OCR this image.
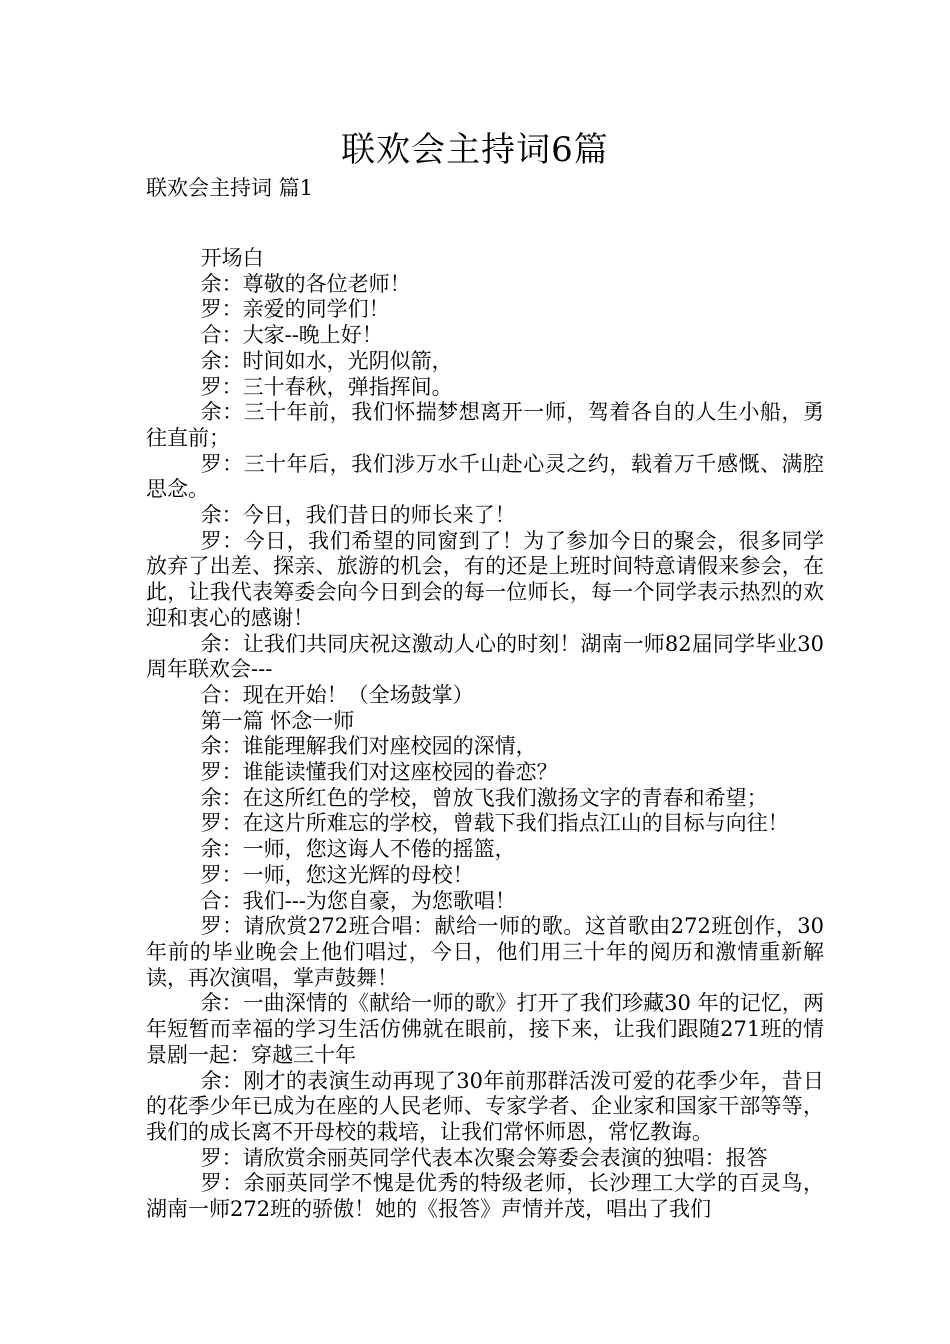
联欢会主持词6篇
联欢会主持词 篇1

开场白

余：尊敬的各位老师！

罗：亲爱的同学们！

合：大家--晚上好！

余：时间如水，光阴似箭，

罗：三十春秋，弹指挥间。

余：三十年前，我们怀揣梦想离开一师，驾着各自的人生小船，勇往直前；

罗：三十年后，我们涉万水千山赴心灵之约，载着万千感慨、满腔思念。

余：今日，我们昔日的师长来了！

罗：今日，我们希望的同窗到了！为了参加今日的聚会，很多同学放弃了出差、探亲、旅游的机会，有的还是上班时间特意请假来参会，在此，让我代表筹委会向今日到会的每一位师长，每一个同学表示热烈的欢迎和衷心的感谢！

余：让我们共同庆祝这激动人心的时刻！湖南一师82届同学毕业30周年联欢会---

合：现在开始！（全场鼓掌）

第一篇 怀念一师

余：谁能理解我们对座校园的深情，

罗：谁能读懂我们对这座校园的眷恋？

余：在这所红色的学校，曾放飞我们激扬文字的青春和希望；

罗：在这片所难忘的学校，曾载下我们指点江山的目标与向往！

余：一师，您这诲人不倦的摇篮，

罗：一师，您这光辉的母校！

合：我们---为您自豪，为您歌唱！

罗：请欣赏272班合唱：献给一师的歌。这首歌由272班创作，30年前的毕业晚会上他们唱过，今日，他们用三十年的阅历和激情重新解读，再次演唱，掌声鼓舞！

余：一曲深情的《献给一师的歌》打开了我们珍藏30 年的记忆，两年短暂而幸福的学习生活仿佛就在眼前，接下来，让我们跟随271班的情景剧一起：穿越三十年

余：刚才的表演生动再现了30年前那群活泼可爱的花季少年，昔日的花季少年已成为在座的人民老师、专家学者、企业家和国家干部等等，我们的成长离不开母校的栽培，让我们常怀师恩，常忆教诲。

罗：请欣赏余丽英同学代表本次聚会筹委会表演的独唱：报答

罗：余丽英同学不愧是优秀的特级老师，长沙理工大学的百灵鸟，湖南一师272班的骄傲！她的《报答》声情并茂，唱出了我们
